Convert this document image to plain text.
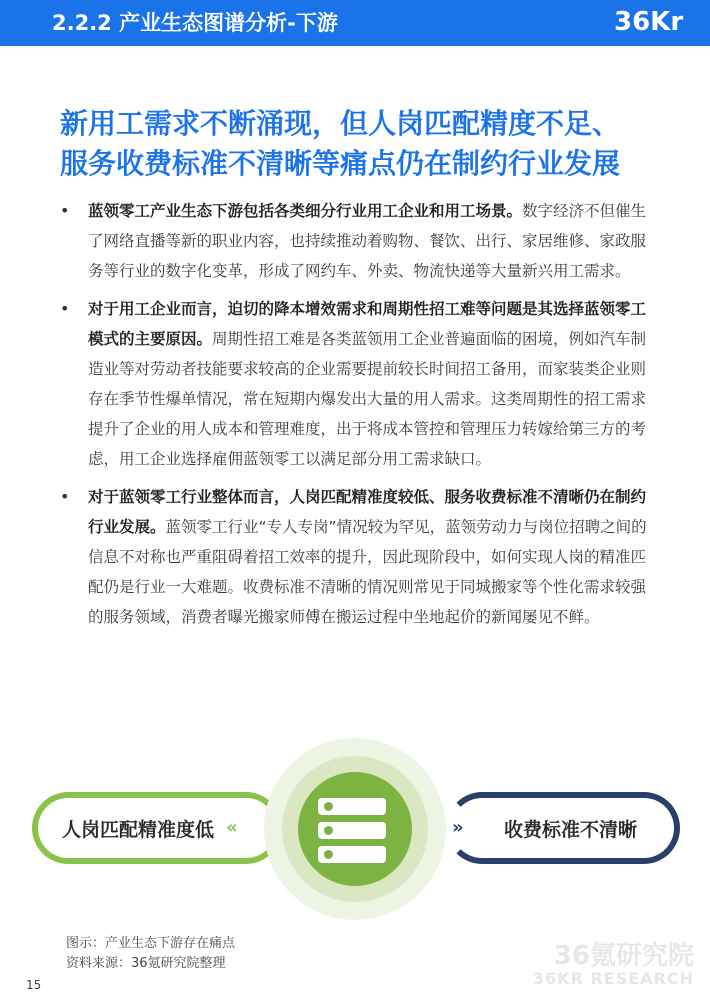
2.2.2 产业生态图谱分析-下游	36Kr
新用工需求不断涌现，但人岗匹配精度不足、
服务收费标准不清晰等痛点仍在制约行业发展
• 蓝领零工产业生态下游包括各类细分行业用工企业和用工场景。数字经济不但催生了网络直播等新的职业内容，也持续推动着购物、餐饮、出行、家居维修、家政服务等行业的数字化变革，形成了网约车、外卖、物流快递等大量新兴用工需求。
• 对于用工企业而言，迫切的降本增效需求和周期性招工难等问题是其选择蓝领零工模式的主要原因。周期性招工难是各类蓝领用工企业普遍面临的困境，例如汽车制造业等对劳动者技能要求较高的企业需要提前较长时间招工备用，而家装类企业则存在季节性爆单情况，常在短期内爆发出大量的用人需求。这类周期性的招工需求提升了企业的用人成本和管理难度，出于将成本管控和管理压力转嫁给第三方的考虑，用工企业选择雇佣蓝领零工以满足部分用工需求缺口。
• 对于蓝领零工行业整体而言，人岗匹配精准度较低、服务收费标准不清晰仍在制约行业发展。蓝领零工行业“专人专岗”情况较为罕见，蓝领劳动力与岗位招聘之间的信息不对称也严重阻碍着招工效率的提升，因此现阶段中，如何实现人岗的精准匹配仍是行业一大难题。收费标准不清晰的情况则常见于同城搬家等个性化需求较强的服务领域，消费者曝光搬家师傅在搬运过程中坐地起价的新闻屡见不鲜。
人岗匹配精准度低	收费标准不清晰
«	»
图示：产业生态下游存在痛点
资料来源：36氪研究院整理	36氪研究院
36KR RESEARCH
15
